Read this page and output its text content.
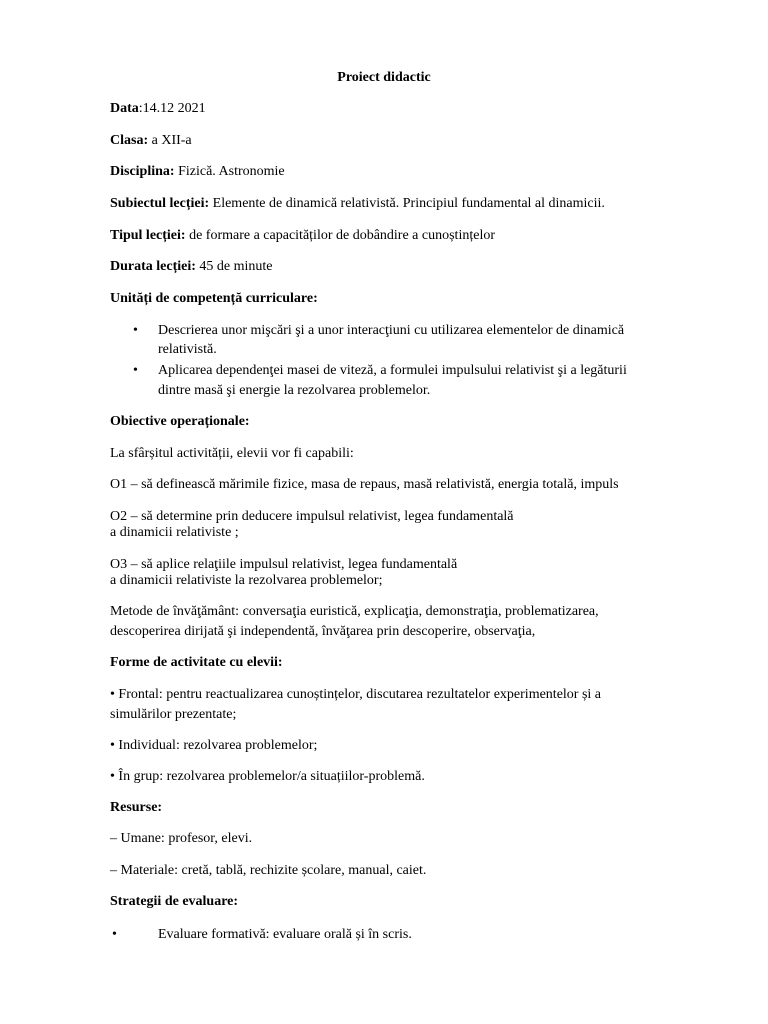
Proiect didactic
Data:14.12 2021
Clasa: a XII-a
Disciplina: Fizică. Astronomie
Subiectul lecției: Elemente de dinamică relativistă. Principiul fundamental al dinamicii.
Tipul lecției: de formare a capacităților de dobândire a cunoștințelor
Durata lecției: 45 de minute
Unități de competență curriculare:
• Descrierea unor mişcări şi a unor interacţiuni cu utilizarea elementelor de dinamică
relativistă.
• Aplicarea dependenţei masei de viteză, a formulei impulsului relativist şi a legăturii
dintre masă şi energie la rezolvarea problemelor.
Obiective operaționale:
La sfârșitul activității, elevii vor fi capabili:
O1 – să definească mărimile fizice, masa de repaus, masă relativistă, energia totală, impuls
O2 – să determine prin deducere impulsul relativist, legea fundamentală
a dinamicii relativiste ;
O3 – să aplice relaţiile impulsul relativist, legea fundamentală
a dinamicii relativiste la rezolvarea problemelor;
Metode de învăţământ: conversaţia euristică, explicaţia, demonstraţia, problematizarea,
descoperirea dirijată şi independentă, învăţarea prin descoperire, observaţia,
Forme de activitate cu elevii:
• Frontal: pentru reactualizarea cunoștințelor, discutarea rezultatelor experimentelor și a
simulărilor prezentate;
• Individual: rezolvarea problemelor;
• În grup: rezolvarea problemelor/a situațiilor-problemă.
Resurse:
– Umane: profesor, elevi.
– Materiale: cretă, tablă, rechizite școlare, manual, caiet.
Strategii de evaluare:
•	Evaluare formativă: evaluare orală și în scris.
